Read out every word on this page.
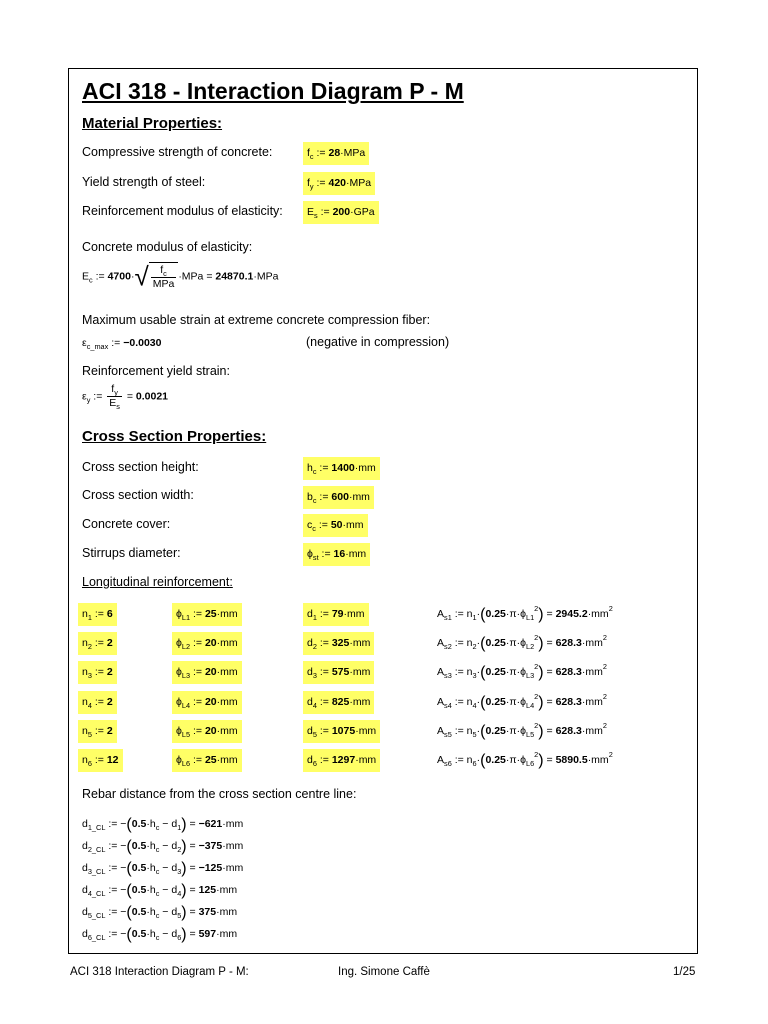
ACI 318 - Interaction Diagram P - M
Material Properties:
Compressive strength of concrete:	$f_c$ := 28·MPa
Yield strength of steel:	$f_y$ := 420·MPa
Reinforcement modulus of elasticity:	$E_s$ := 200·GPa
Concrete modulus of elasticity:
$E_c$ := $4700\cdot√ \frac{f_c}{\text{MPa}} \cdot MPa = 24870.1\cdot MPa$
Maximum usable strain at extreme concrete compression fiber:
$\varepsilon_{c\_max}$ := −0.0030	(negative in compression)
Reinforcement yield strain:
$\varepsilon_y$ := $\frac{f_y}{E_s} = 0.0021$
Cross Section Properties:
Cross section height:	$h_c$ := 1400·mm
Cross section width:	$b_c$ := 600·mm
Concrete cover:	$c_c$ := 50·mm
Stirrups diameter:	$\phi_{st}$ := 16·mm
Longitudinal reinforcement:
$n_1$ := 6	$\phi_{L1}$ := 25·mm	$d_1$ := 79·mm	$A_{s1}$ := $n_1\cdot(0.25\cdot\pi\cdot\phi_{L1}^2) = 2945.2\cdot mm^2$
$n_2$ := 2	$\phi_{L2}$ := 20·mm	$d_2$ := 325·mm	$A_{s2}$ := $n_2\cdot(0.25\cdot\pi\cdot\phi_{L2}^2) = 628.3\cdot mm^2$
$n_3$ := 2	$\phi_{L3}$ := 20·mm	$d_3$ := 575·mm	$A_{s3}$ := $n_3\cdot(0.25\cdot\pi\cdot\phi_{L3}^2) = 628.3\cdot mm^2$
$n_4$ := 2	$\phi_{L4}$ := 20·mm	$d_4$ := 825·mm	$A_{s4}$ := $n_4\cdot(0.25\cdot\pi\cdot\phi_{L4}^2) = 628.3\cdot mm^2$
$n_5$ := 2	$\phi_{L5}$ := 20·mm	$d_5$ := 1075·mm	$A_{s5}$ := $n_5\cdot(0.25\cdot\pi\cdot\phi_{L5}^2) = 628.3\cdot mm^2$
$n_6$ := 12	$\phi_{L6}$ := 25·mm	$d_6$ := 1297·mm	$A_{s6}$ := $n_6\cdot(0.25\cdot\pi\cdot\phi_{L6}^2) = 5890.5\cdot mm^2$
Rebar distance from the cross section centre line:
$d_{1\_CL}$ := $-(0.5\cdot h_c - d_1) = -621\cdot mm$
$d_{2\_CL}$ := $-(0.5\cdot h_c - d_2) = -375\cdot mm$
$d_{3\_CL}$ := $-(0.5\cdot h_c - d_3) = -125\cdot mm$
$d_{4\_CL}$ := $-(0.5\cdot h_c - d_4) = 125\cdot mm$
$d_{5\_CL}$ := $-(0.5\cdot h_c - d_5) = 375\cdot mm$
$d_{6\_CL}$ := $-(0.5\cdot h_c - d_6) = 597\cdot mm$
ACI 318 Interaction Diagram P - M:	Ing. Simone Caffè	1/25
